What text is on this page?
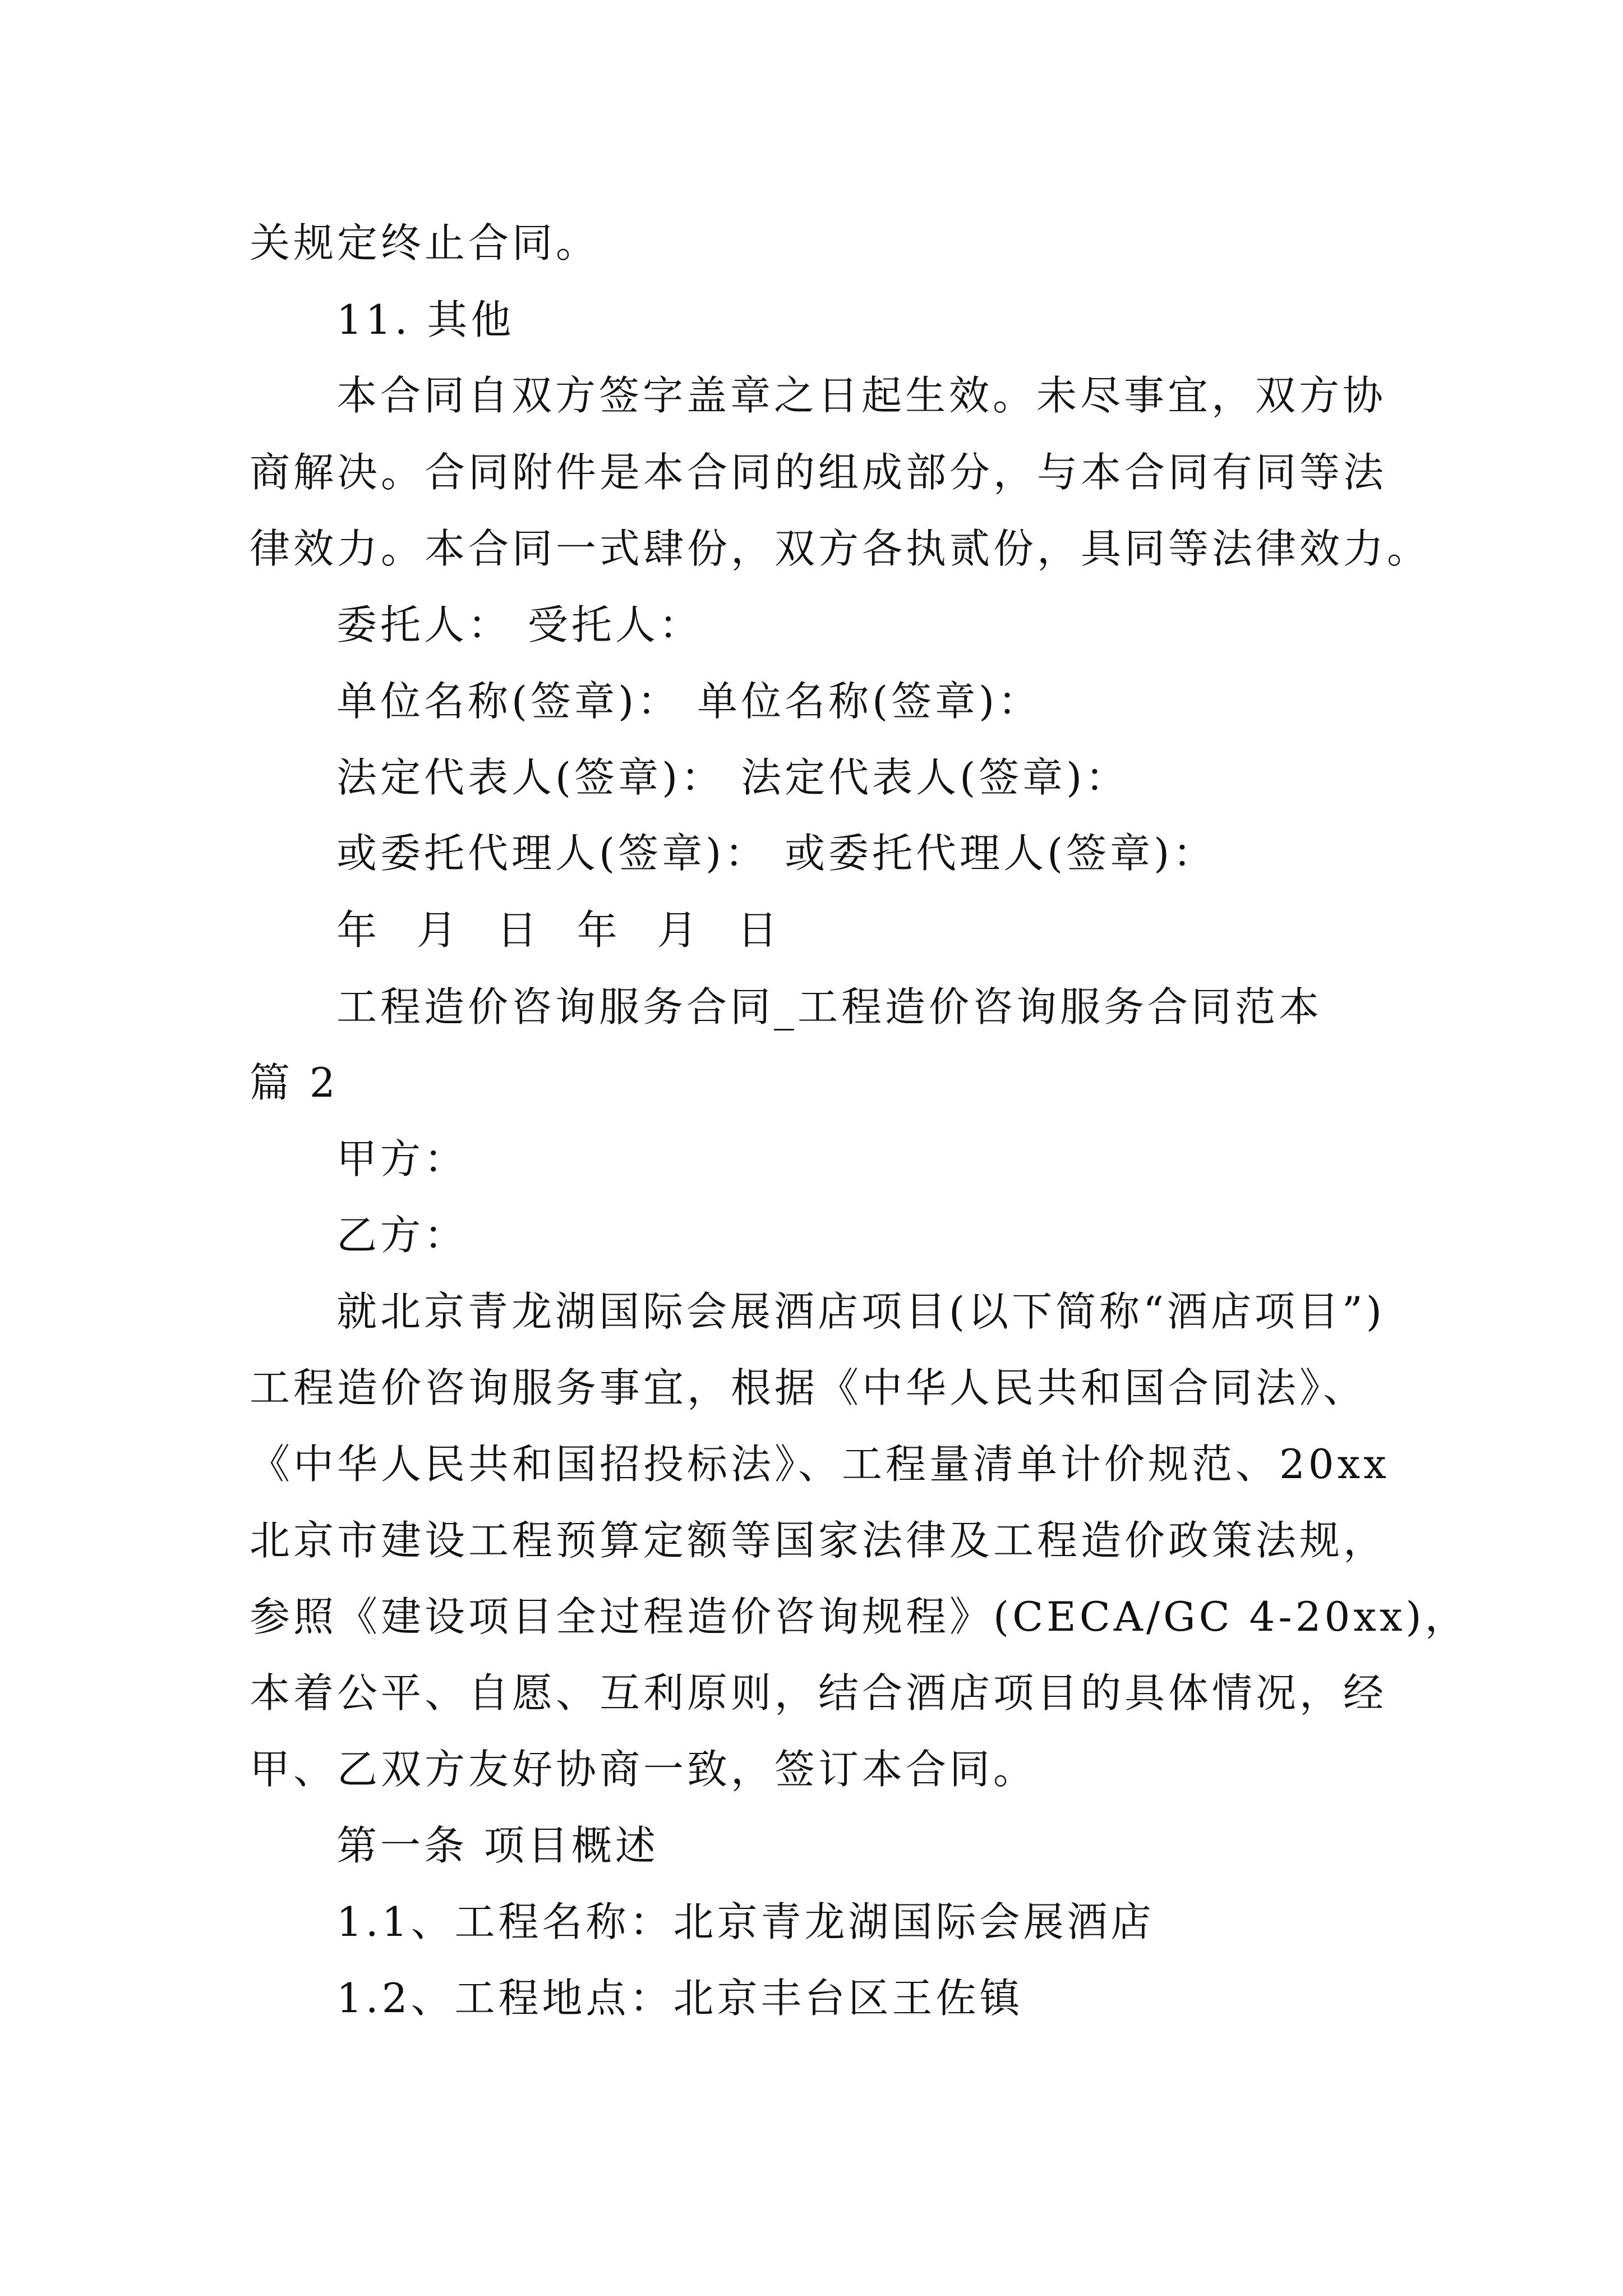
关规定终止合同。
11. 其他
本合同自双方签字盖章之日起生效。未尽事宜，双方协
商解决。合同附件是本合同的组成部分，与本合同有同等法
律效力。本合同一式肆份，双方各执贰份，具同等法律效力。
委托人： 受托人：
单位名称(签章)： 单位名称(签章)：
法定代表人(签章)： 法定代表人(签章)：
或委托代理人(签章)： 或委托代理人(签章)：
年 月 日 年 月 日
工程造价咨询服务合同_工程造价咨询服务合同范本
篇 2
甲方：
乙方：
就北京青龙湖国际会展酒店项目(以下简称“酒店项目”)
工程造价咨询服务事宜，根据《中华人民共和国合同法》、
《中华人民共和国招投标法》、工程量清单计价规范、20xx
北京市建设工程预算定额等国家法律及工程造价政策法规，
参照《建设项目全过程造价咨询规程》(CECA/GC 4-20xx)，
本着公平、自愿、互利原则，结合酒店项目的具体情况，经
甲、乙双方友好协商一致，签订本合同。
第一条 项目概述
1.1、工程名称：北京青龙湖国际会展酒店
1.2、工程地点：北京丰台区王佐镇
